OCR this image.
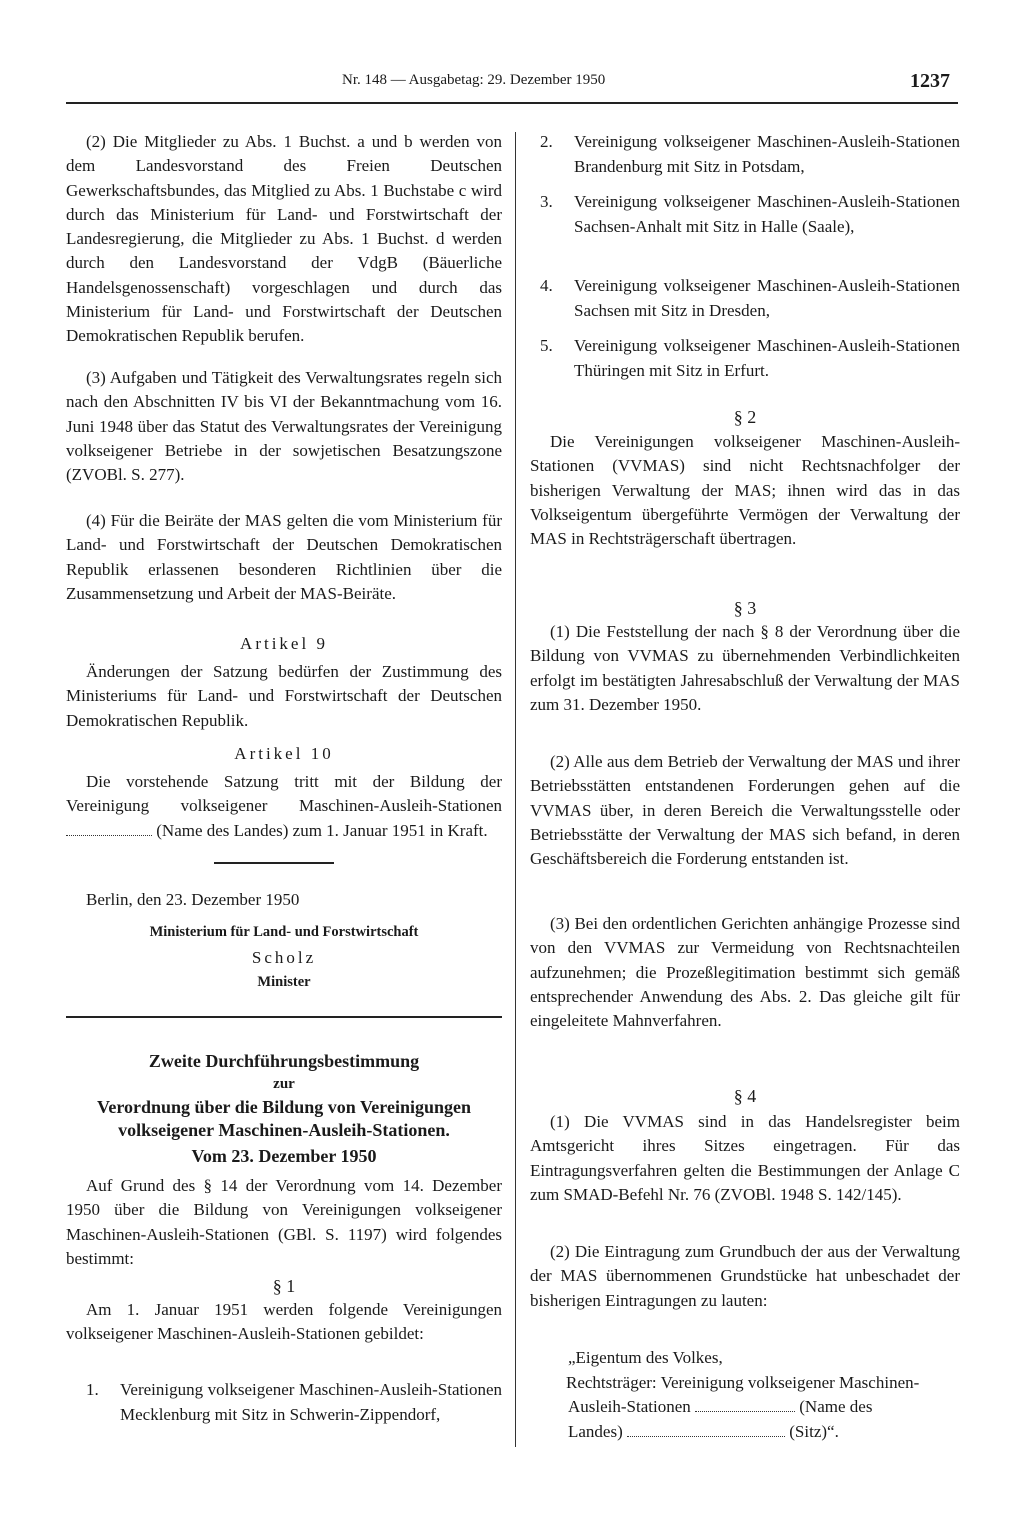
Nr. 148 — Ausgabetag: 29. Dezember 1950	1237

(2) Die Mitglieder zu Abs. 1 Buchst. a und b werden von dem Landesvorstand des Freien Deutschen Gewerkschaftsbundes, das Mitglied zu Abs. 1 Buchstabe c wird durch das Ministerium für Land- und Forstwirtschaft der Landesregierung, die Mitglieder zu Abs. 1 Buchst. d werden durch den Landesvorstand der VdgB (Bäuerliche Handelsgenossenschaft) vorgeschlagen und durch das Ministerium für Land- und Forstwirtschaft der Deutschen Demokratischen Republik berufen.

(3) Aufgaben und Tätigkeit des Verwaltungsrates regeln sich nach den Abschnitten IV bis VI der Bekanntmachung vom 16. Juni 1948 über das Statut des Verwaltungsrates der Vereinigung volkseigener Betriebe in der sowjetischen Besatzungszone (ZVOBl. S. 277).

(4) Für die Beiräte der MAS gelten die vom Ministerium für Land- und Forstwirtschaft der Deutschen Demokratischen Republik erlassenen besonderen Richtlinien über die Zusammensetzung und Arbeit der MAS-Beiräte.

Artikel 9

Änderungen der Satzung bedürfen der Zustimmung des Ministeriums für Land- und Forstwirtschaft der Deutschen Demokratischen Republik.

Artikel 10

Die vorstehende Satzung tritt mit der Bildung der Vereinigung volkseigener Maschinen-Ausleih-Stationen  (Name des Landes) zum 1. Januar 1951 in Kraft.

Berlin, den 23. Dezember 1950
Ministerium für Land- und Forstwirtschaft
Scholz
Minister
Zweite Durchführungsbestimmung
zur
Verordnung über die Bildung von Vereinigungen volkseigener Maschinen-Ausleih-Stationen.
Vom 23. Dezember 1950

Auf Grund des § 14 der Verordnung vom 14. Dezember 1950 über die Bildung von Vereinigungen volkseigener Maschinen-Ausleih-Stationen (GBl. S. 1197) wird folgendes bestimmt:

§ 1

Am 1. Januar 1951 werden folgende Vereinigungen volkseigener Maschinen-Ausleih-Stationen gebildet:

1. Vereinigung volkseigener Maschinen-Ausleih-Stationen Mecklenburg mit Sitz in Schwerin-Zippendorf,
2. Vereinigung volkseigener Maschinen-Ausleih-Stationen Brandenburg mit Sitz in Potsdam,
3. Vereinigung volkseigener Maschinen-Ausleih-Stationen Sachsen-Anhalt mit Sitz in Halle (Saale),
4. Vereinigung volkseigener Maschinen-Ausleih-Stationen Sachsen mit Sitz in Dresden,
5. Vereinigung volkseigener Maschinen-Ausleih-Stationen Thüringen mit Sitz in Erfurt.
§ 2

Die Vereinigungen volkseigener Maschinen-Ausleih-Stationen (VVMAS) sind nicht Rechtsnachfolger der bisherigen Verwaltung der MAS; ihnen wird das in das Volkseigentum übergeführte Vermögen der Verwaltung der MAS in Rechtsträgerschaft übertragen.

§ 3

(1) Die Feststellung der nach § 8 der Verordnung über die Bildung von VVMAS zu übernehmenden Verbindlichkeiten erfolgt im bestätigten Jahresabschluß der Verwaltung der MAS zum 31. Dezember 1950.

(2) Alle aus dem Betrieb der Verwaltung der MAS und ihrer Betriebsstätten entstandenen Forderungen gehen auf die VVMAS über, in deren Bereich die Verwaltungsstelle oder Betriebsstätte der Verwaltung der MAS sich befand, in deren Geschäftsbereich die Forderung entstanden ist.

(3) Bei den ordentlichen Gerichten anhängige Prozesse sind von den VVMAS zur Vermeidung von Rechtsnachteilen aufzunehmen; die Prozeßlegitimation bestimmt sich gemäß entsprechender Anwendung des Abs. 2. Das gleiche gilt für eingeleitete Mahnverfahren.

§ 4

(1) Die VVMAS sind in das Handelsregister beim Amtsgericht ihres Sitzes eingetragen. Für das Eintragungsverfahren gelten die Bestimmungen der Anlage C zum SMAD-Befehl Nr. 76 (ZVOBl. 1948 S. 142/145).

(2) Die Eintragung zum Grundbuch der aus der Verwaltung der MAS übernommenen Grundstücke hat unbeschadet der bisherigen Eintragungen zu lauten:

„Eigentum des Volkes,
Rechtsträger: Vereinigung volkseigener Maschinen-Ausleih-Stationen	(Name des
Landes)	(Sitz)“.
